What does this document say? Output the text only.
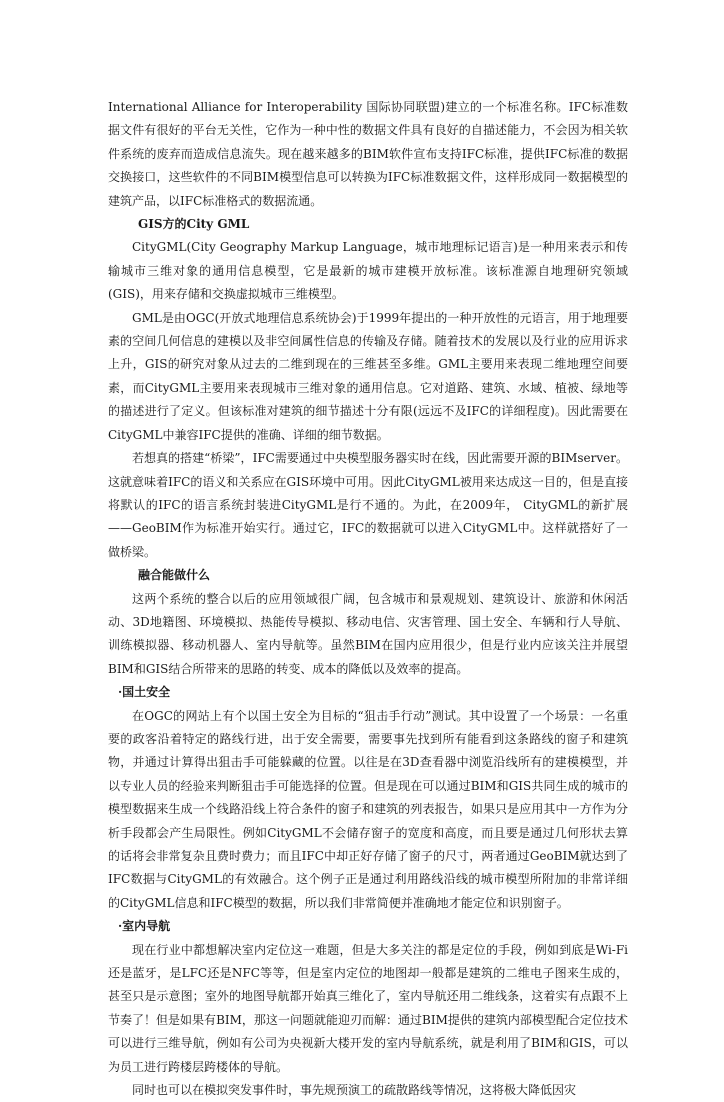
International Alliance for Interoperability 国际协同联盟)建立的一个标准名称。IFC标准数据文件有很好的平台无关性，它作为一种中性的数据文件具有良好的自描述能力，不会因为相关软件系统的废弃而造成信息流失。现在越来越多的BIM软件宣布支持IFC标准，提供IFC标准的数据交换接口，这些软件的不同BIM模型信息可以转换为IFC标准数据文件，这样形成同一数据模型的建筑产品，以IFC标准格式的数据流通。

GIS方的City GML

CityGML(City Geography Markup Language，城市地理标记语言)是一种用来表示和传输城市三维对象的通用信息模型，它是最新的城市建模开放标准。该标准源自地理研究领域(GIS)，用来存储和交换虚拟城市三维模型。

GML是由OGC(开放式地理信息系统协会)于1999年提出的一种开放性的元语言，用于地理要素的空间几何信息的建模以及非空间属性信息的传输及存储。随着技术的发展以及行业的应用诉求上升，GIS的研究对象从过去的二维到现在的三维甚至多维。GML主要用来表现二维地理空间要素，而CityGML主要用来表现城市三维对象的通用信息。它对道路、建筑、水域、植被、绿地等的描述进行了定义。但该标准对建筑的细节描述十分有限(远远不及IFC的详细程度)。因此需要在CityGML中兼容IFC提供的准确、详细的细节数据。

若想真的搭建“桥梁”，IFC需要通过中央模型服务器实时在线，因此需要开源的BIMserver。这就意味着IFC的语义和关系应在GIS环境中可用。因此CityGML被用来达成这一目的，但是直接将默认的IFC的语言系统封装进CityGML是行不通的。为此，在2009年， CityGML的新扩展——GeoBIM作为标准开始实行。通过它，IFC的数据就可以进入CityGML中。这样就搭好了一做桥梁。

融合能做什么

这两个系统的整合以后的应用领域很广阔，包含城市和景观规划、建筑设计、旅游和休闲活动、3D地籍图、环境模拟、热能传导模拟、移动电信、灾害管理、国土安全、车辆和行人导航、训练模拟器、移动机器人、室内导航等。虽然BIM在国内应用很少，但是行业内应该关注并展望BIM和GIS结合所带来的思路的转变、成本的降低以及效率的提高。

·国土安全

在OGC的网站上有个以国土安全为目标的“狙击手行动”测试。其中设置了一个场景：一名重要的政客沿着特定的路线行进，出于安全需要，需要事先找到所有能看到这条路线的窗子和建筑物，并通过计算得出狙击手可能躲藏的位置。以往是在3D查看器中浏览沿线所有的建模模型，并以专业人员的经验来判断狙击手可能选择的位置。但是现在可以通过BIM和GIS共同生成的城市的模型数据来生成一个线路沿线上符合条件的窗子和建筑的列表报告，如果只是应用其中一方作为分析手段都会产生局限性。例如CityGML不会储存窗子的宽度和高度，而且要是通过几何形状去算的话将会非常复杂且费时费力；而且IFC中却正好存储了窗子的尺寸，两者通过GeoBIM就达到了IFC数据与CityGML的有效融合。这个例子正是通过利用路线沿线的城市模型所附加的非常详细的CityGML信息和IFC模型的数据，所以我们非常简便并准确地才能定位和识别窗子。

·室内导航

现在行业中都想解决室内定位这一难题，但是大多关注的都是定位的手段，例如到底是Wi-Fi还是蓝牙，是LFC还是NFC等等，但是室内定位的地图却一般都是建筑的二维电子图来生成的，甚至只是示意图；室外的地图导航都开始真三维化了，室内导航还用二维线条，这着实有点跟不上节奏了！但是如果有BIM，那这一问题就能迎刃而解：通过BIM提供的建筑内部模型配合定位技术可以进行三维导航，例如有公司为央视新大楼开发的室内导航系统，就是利用了BIM和GIS，可以为员工进行跨楼层跨楼体的导航。

同时也可以在模拟突发事件时，事先规预演工的疏散路线等情况，这将极大降低因灾
